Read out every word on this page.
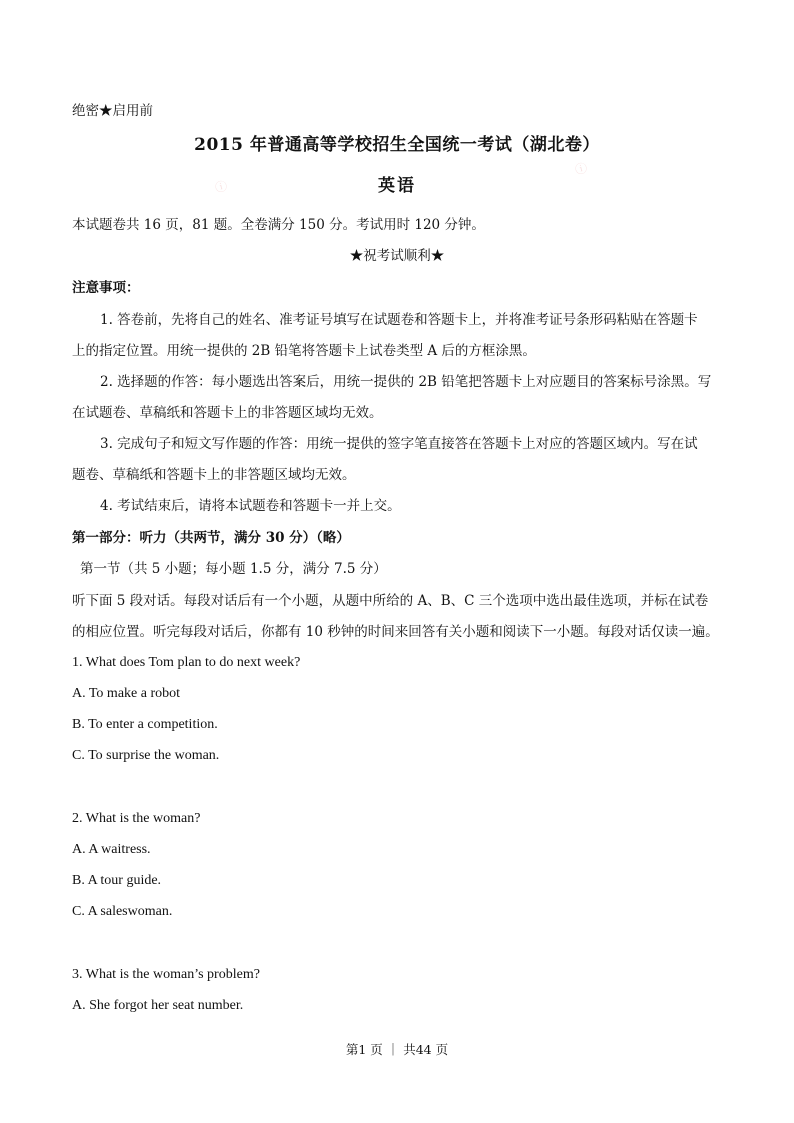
ⓘ
ⓘ
绝密★启用前
2015 年普通高等学校招生全国统一考试（湖北卷）
英语
本试题卷共 16 页，81 题。全卷满分 150 分。考试用时 120 分钟。
★祝考试顺利★
注意事项：
1. 答卷前，先将自己的姓名、准考证号填写在试题卷和答题卡上，并将准考证号条形码粘贴在答题卡
上的指定位置。用统一提供的 2B 铅笔将答题卡上试卷类型 A 后的方框涂黑。
2. 选择题的作答：每小题选出答案后，用统一提供的 2B 铅笔把答题卡上对应题目的答案标号涂黑。写
在试题卷、草稿纸和答题卡上的非答题区域均无效。
3. 完成句子和短文写作题的作答：用统一提供的签字笔直接答在答题卡上对应的答题区域内。写在试
题卷、草稿纸和答题卡上的非答题区域均无效。
4. 考试结束后，请将本试题卷和答题卡一并上交。
第一部分：听力（共两节，满分 30 分）（略）
第一节（共 5 小题；每小题 1.5 分，满分 7.5 分）
听下面 5 段对话。每段对话后有一个小题，从题中所给的 A、B、C 三个选项中选出最佳选项，并标在试卷
的相应位置。听完每段对话后，你都有 10 秒钟的时间来回答有关小题和阅读下一小题。每段对话仅读一遍。
1. What does Tom plan to do next week?
A. To make a robot
B. To enter a competition.
C. To surprise the woman.
2. What is the woman?
A. A waitress.
B. A tour guide.
C. A saleswoman.
3. What is the woman’s problem?
A. She forgot her seat number.
第1 页 ｜ 共44 页
